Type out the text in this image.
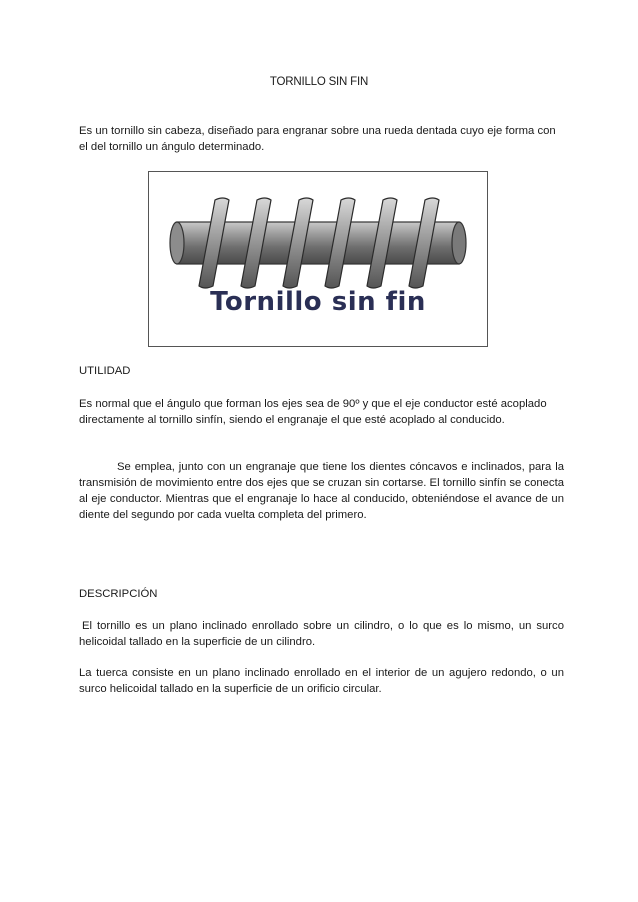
TORNILLO SIN FIN

Es un tornillo sin cabeza, diseñado para engranar sobre una rueda dentada cuyo eje forma con el del tornillo un ángulo determinado.

Tornillo sin fin

UTILIDAD

Es normal que el ángulo que forman los ejes sea de 90º y que el eje conductor esté acoplado directamente al tornillo sinfín, siendo el engranaje el que esté acoplado al conducido.

Se emplea, junto con un engranaje que tiene los dientes cóncavos e inclinados, para la transmisión de movimiento entre dos ejes que se cruzan sin cortarse. El tornillo sinfín se conecta al eje conductor. Mientras que el engranaje lo hace al conducido, obteniéndose el avance de un diente del segundo por cada vuelta completa del primero.

DESCRIPCIÓN

El tornillo es un plano inclinado enrollado sobre un cilindro, o lo que es lo mismo, un surco helicoidal tallado en la superficie de un cilindro.

La tuerca consiste en un plano inclinado enrollado en el interior de un agujero redondo, o un surco helicoidal tallado en la superficie de un orificio circular.
